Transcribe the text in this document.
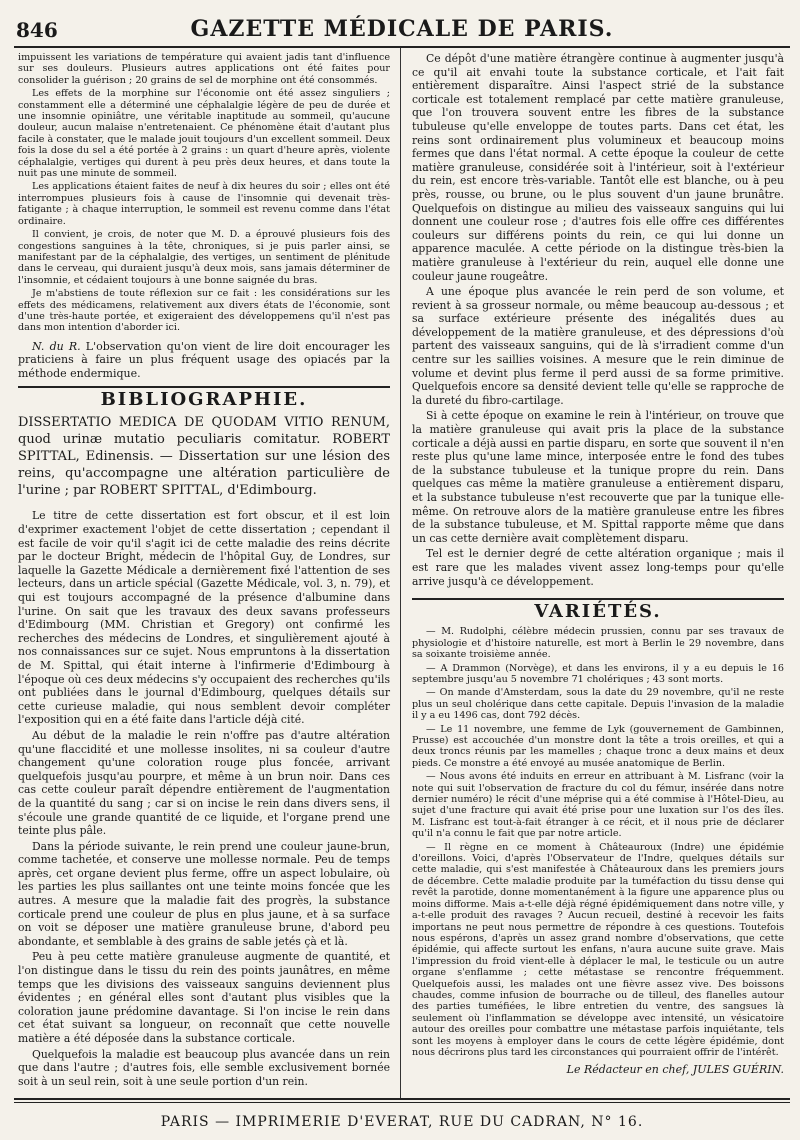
846	GAZETTE MÉDICALE DE PARIS.

impuissent les variations de température qui avaient jadis tant d'influence sur ses douleurs. Plusieurs autres applications ont été faites pour consolider la guérison ; 20 grains de sel de morphine ont été consommés.

Les effets de la morphine sur l'économie ont été assez singuliers ; constamment elle a déterminé une céphalalgie légère de peu de durée et une insomnie opiniâtre, une véritable inaptitude au sommeil, qu'aucune douleur, aucun malaise n'entretenaient. Ce phénomène était d'autant plus facile à constater, que le malade jouit toujours d'un excellent sommeil. Deux fois la dose du sel a été portée à 2 grains : un quart d'heure après, violente céphalalgie, vertiges qui durent à peu près deux heures, et dans toute la nuit pas une minute de sommeil.

Les applications étaient faites de neuf à dix heures du soir ; elles ont été interrompues plusieurs fois à cause de l'insomnie qui devenait très-fatigante ; à chaque interruption, le sommeil est revenu comme dans l'état ordinaire.

Il convient, je crois, de noter que M. D. a éprouvé plusieurs fois des congestions sanguines à la tête, chroniques, si je puis parler ainsi, se manifestant par de la céphalalgie, des vertiges, un sentiment de plénitude dans le cerveau, qui duraient jusqu'à deux mois, sans jamais déterminer de l'insomnie, et cédaient toujours à une bonne saignée du bras.

Je m'abstiens de toute réflexion sur ce fait : les considérations sur les effets des médicamens, relativement aux divers états de l'économie, sont d'une très-haute portée, et exigeraient des développemens qu'il n'est pas dans mon intention d'aborder ici.

N. du R. L'observation qu'on vient de lire doit encourager les praticiens à faire un plus fréquent usage des opiacés par la méthode endermique.

BIBLIOGRAPHIE.
DISSERTATIO MEDICA DE QUODAM VITIO RENUM, quod urinæ mutatio peculiaris comitatur. ROBERT SPITTAL, Edinensis. — Dissertation sur une lésion des reins, qu'accompagne une altération particulière de l'urine ; par ROBERT SPITTAL, d'Edimbourg.

Le titre de cette dissertation est fort obscur, et il est loin d'exprimer exactement l'objet de cette dissertation ; cependant il est facile de voir qu'il s'agit ici de cette maladie des reins décrite par le docteur Bright, médecin de l'hôpital Guy, de Londres, sur laquelle la Gazette Médicale a dernièrement fixé l'attention de ses lecteurs, dans un article spécial (Gazette Médicale, vol. 3, n. 79), et qui est toujours accompagné de la présence d'albumine dans l'urine. On sait que les travaux des deux savans professeurs d'Edimbourg (MM. Christian et Gregory) ont confirmé les recherches des médecins de Londres, et singulièrement ajouté à nos connaissances sur ce sujet. Nous empruntons à la dissertation de M. Spittal, qui était interne à l'infirmerie d'Edimbourg à l'époque où ces deux médecins s'y occupaient des recherches qu'ils ont publiées dans le journal d'Edimbourg, quelques détails sur cette curieuse maladie, qui nous semblent devoir compléter l'exposition qui en a été faite dans l'article déjà cité.

Au début de la maladie le rein n'offre pas d'autre altération qu'une flaccidité et une mollesse insolites, ni sa couleur d'autre changement qu'une coloration rouge plus foncée, arrivant quelquefois jusqu'au pourpre, et même à un brun noir. Dans ces cas cette couleur paraît dépendre entièrement de l'augmentation de la quantité du sang ; car si on incise le rein dans divers sens, il s'écoule une grande quantité de ce liquide, et l'organe prend une teinte plus pâle.

Dans la période suivante, le rein prend une couleur jaune-brun, comme tachetée, et conserve une mollesse normale. Peu de temps après, cet organe devient plus ferme, offre un aspect lobulaire, où les parties les plus saillantes ont une teinte moins foncée que les autres. A mesure que la maladie fait des progrès, la substance corticale prend une couleur de plus en plus jaune, et à sa surface on voit se déposer une matière granuleuse brune, d'abord peu abondante, et semblable à des grains de sable jetés çà et là.

Peu à peu cette matière granuleuse augmente de quantité, et l'on distingue dans le tissu du rein des points jaunâtres, en même temps que les divisions des vaisseaux sanguins deviennent plus évidentes ; en général elles sont d'autant plus visibles que la coloration jaune prédomine davantage. Si l'on incise le rein dans cet état suivant sa longueur, on reconnaît que cette nouvelle matière a été déposée dans la substance corticale.

Quelquefois la maladie est beaucoup plus avancée dans un rein que dans l'autre ; d'autres fois, elle semble exclusivement bornée soit à un seul rein, soit à une seule portion d'un rein.

Ce dépôt d'une matière étrangère continue à augmenter jusqu'à ce qu'il ait envahi toute la substance corticale, et l'ait fait entièrement disparaître. Ainsi l'aspect strié de la substance corticale est totalement remplacé par cette matière granuleuse, que l'on trouvera souvent entre les fibres de la substance tubuleuse qu'elle enveloppe de toutes parts. Dans cet état, les reins sont ordinairement plus volumineux et beaucoup moins fermes que dans l'état normal. A cette époque la couleur de cette matière granuleuse, considérée soit à l'intérieur, soit à l'extérieur du rein, est encore très-variable. Tantôt elle est blanche, ou à peu près, rousse, ou brune, ou le plus souvent d'un jaune brunâtre. Quelquefois on distingue au milieu des vaisseaux sanguins qui lui donnent une couleur rose ; d'autres fois elle offre ces différentes couleurs sur différens points du rein, ce qui lui donne un apparence maculée. A cette période on la distingue très-bien la matière granuleuse à l'extérieur du rein, auquel elle donne une couleur jaune rougeâtre.

A une époque plus avancée le rein perd de son volume, et revient à sa grosseur normale, ou même beaucoup au-dessous ; et sa surface extérieure présente des inégalités dues au développement de la matière granuleuse, et des dépressions d'où partent des vaisseaux sanguins, qui de là s'irradient comme d'un centre sur les saillies voisines. A mesure que le rein diminue de volume et devint plus ferme il perd aussi de sa forme primitive. Quelquefois encore sa densité devient telle qu'elle se rapproche de la dureté du fibro-cartilage.

Si à cette époque on examine le rein à l'intérieur, on trouve que la matière granuleuse qui avait pris la place de la substance corticale a déjà aussi en partie disparu, en sorte que souvent il n'en reste plus qu'une lame mince, interposée entre le fond des tubes de la substance tubuleuse et la tunique propre du rein. Dans quelques cas même la matière granuleuse a entièrement disparu, et la substance tubuleuse n'est recouverte que par la tunique elle-même. On retrouve alors de la matière granuleuse entre les fibres de la substance tubuleuse, et M. Spittal rapporte même que dans un cas cette dernière avait complètement disparu.

Tel est le dernier degré de cette altération organique ; mais il est rare que les malades vivent assez long-temps pour qu'elle arrive jusqu'à ce développement.

VARIÉTÉS.

— M. Rudolphi, célèbre médecin prussien, connu par ses travaux de physiologie et d'histoire naturelle, est mort à Berlin le 29 novembre, dans sa soixante troisième année.

— A Drammon (Norvège), et dans les environs, il y a eu depuis le 16 septembre jusqu'au 5 novembre 71 cholériques ; 43 sont morts.

— On mande d'Amsterdam, sous la date du 29 novembre, qu'il ne reste plus un seul cholérique dans cette capitale. Depuis l'invasion de la maladie il y a eu 1496 cas, dont 792 décès.

— Le 11 novembre, une femme de Lyk (gouvernement de Gambinnen, Prusse) est accouchée d'un monstre dont la tête a trois oreilles, et qui a deux troncs réunis par les mamelles ; chaque tronc a deux mains et deux pieds. Ce monstre a été envoyé au musée anatomique de Berlin.

— Nous avons été induits en erreur en attribuant à M. Lisfranc (voir la note qui suit l'observation de fracture du col du fémur, insérée dans notre dernier numéro) le récit d'une méprise qui a été commise à l'Hôtel-Dieu, au sujet d'une fracture qui avait été prise pour une luxation sur l'os des îles. M. Lisfranc est tout-à-fait étranger à ce récit, et il nous prie de déclarer qu'il n'a connu le fait que par notre article.

— Il règne en ce moment à Châteauroux (Indre) une épidémie d'oreillons. Voici, d'après l'Observateur de l'Indre, quelques détails sur cette maladie, qui s'est manifestée à Châteauroux dans les premiers jours de décembre. Cette maladie produite par la tuméfaction du tissu dense qui revêt la parotide, donne momentanément à la figure une apparence plus ou moins difforme. Mais a-t-elle déjà régné épidémiquement dans notre ville, y a-t-elle produit des ravages ? Aucun recueil, destiné à recevoir les faits importans ne peut nous permettre de répondre à ces questions. Toutefois nous espérons, d'après un assez grand nombre d'observations, que cette épidémie, qui affecte surtout les enfans, n'aura aucune suite grave. Mais l'impression du froid vient-elle à déplacer le mal, le testicule ou un autre organe s'enflamme ; cette métastase se rencontre fréquemment. Quelquefois aussi, les malades ont une fièvre assez vive. Des boissons chaudes, comme infusion de bourrache ou de tilleul, des flanelles autour des parties tuméfiées, le libre entretien du ventre, des sangsues là seulement où l'inflammation se développe avec intensité, un vésicatoire autour des oreilles pour combattre une métastase parfois inquiétante, tels sont les moyens à employer dans le cours de cette légère épidémie, dont nous décrirons plus tard les circonstances qui pourraient offrir de l'intérêt.

Le Rédacteur en chef, JULES GUÉRIN.
PARIS — IMPRIMERIE D'EVERAT, RUE DU CADRAN, N° 16.
